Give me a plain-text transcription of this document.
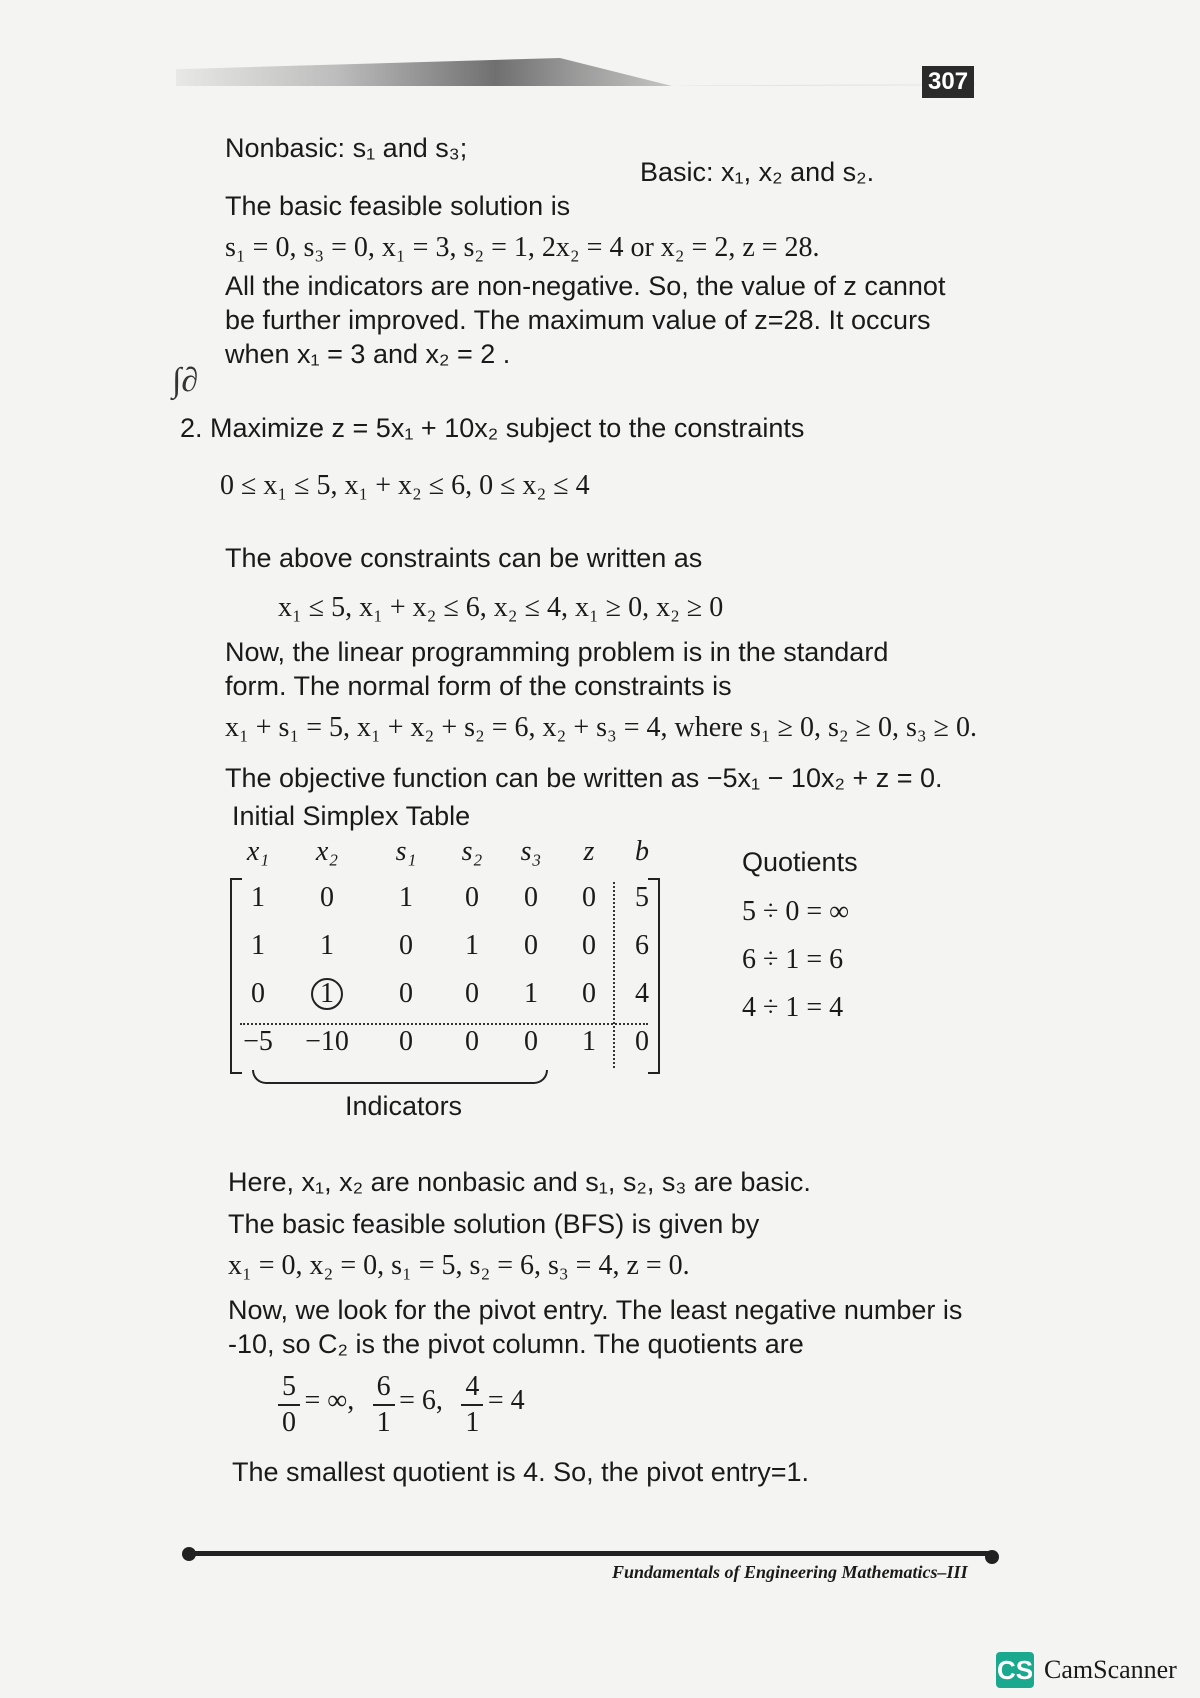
307
Nonbasic: s₁ and s₃;
Basic: x₁, x₂ and s₂.
The basic feasible solution is
s₁ = 0, s₃ = 0, x₁ = 3, s₂ = 1, 2x₂ = 4 or x₂ = 2, z = 28.
All the indicators are non-negative. So, the value of z cannot
be further improved. The maximum value of z=28. It occurs
when x₁ = 3 and x₂ = 2 .
∫∂
2. Maximize z = 5x₁ + 10x₂ subject to the constraints
0 ≤ x₁ ≤ 5, x₁ + x₂ ≤ 6, 0 ≤ x₂ ≤ 4
The above constraints can be written as
x₁ ≤ 5, x₁ + x₂ ≤ 6, x₂ ≤ 4, x₁ ≥ 0, x₂ ≥ 0
Now, the linear programming problem is in the standard
form. The normal form of the constraints is
x₁ + s₁ = 5, x₁ + x₂ + s₂ = 6, x₂ + s₃ = 4, where s₁ ≥ 0, s₂ ≥ 0, s₃ ≥ 0.
The objective function can be written as −5x₁ − 10x₂ + z = 0.
Initial Simplex Table
x₁	x₂	s₁	s₂	s₃	z	b
1	0	1	0	0	0	5
1	1	0	1	0	0	6
0	1	0	0	1	0	4
−5	−10	0	0	0	1	0
Quotients
5 ÷ 0 = ∞
6 ÷ 1 = 6
4 ÷ 1 = 4
Indicators
Here, x₁, x₂ are nonbasic and s₁, s₂, s₃ are basic.
The basic feasible solution (BFS) is given by
x₁ = 0, x₂ = 0, s₁ = 5, s₂ = 6, s₃ = 4, z = 0.
Now, we look for the pivot entry. The least negative number is
-10, so C₂ is the pivot column. The quotients are
$\frac{5}{0}$ = ∞, $\frac{6}{1} = 6$, $\frac{4}{1} = 4$
The smallest quotient is 4. So, the pivot entry=1.
Fundamentals of Engineering Mathematics–III
CS CamScanner
